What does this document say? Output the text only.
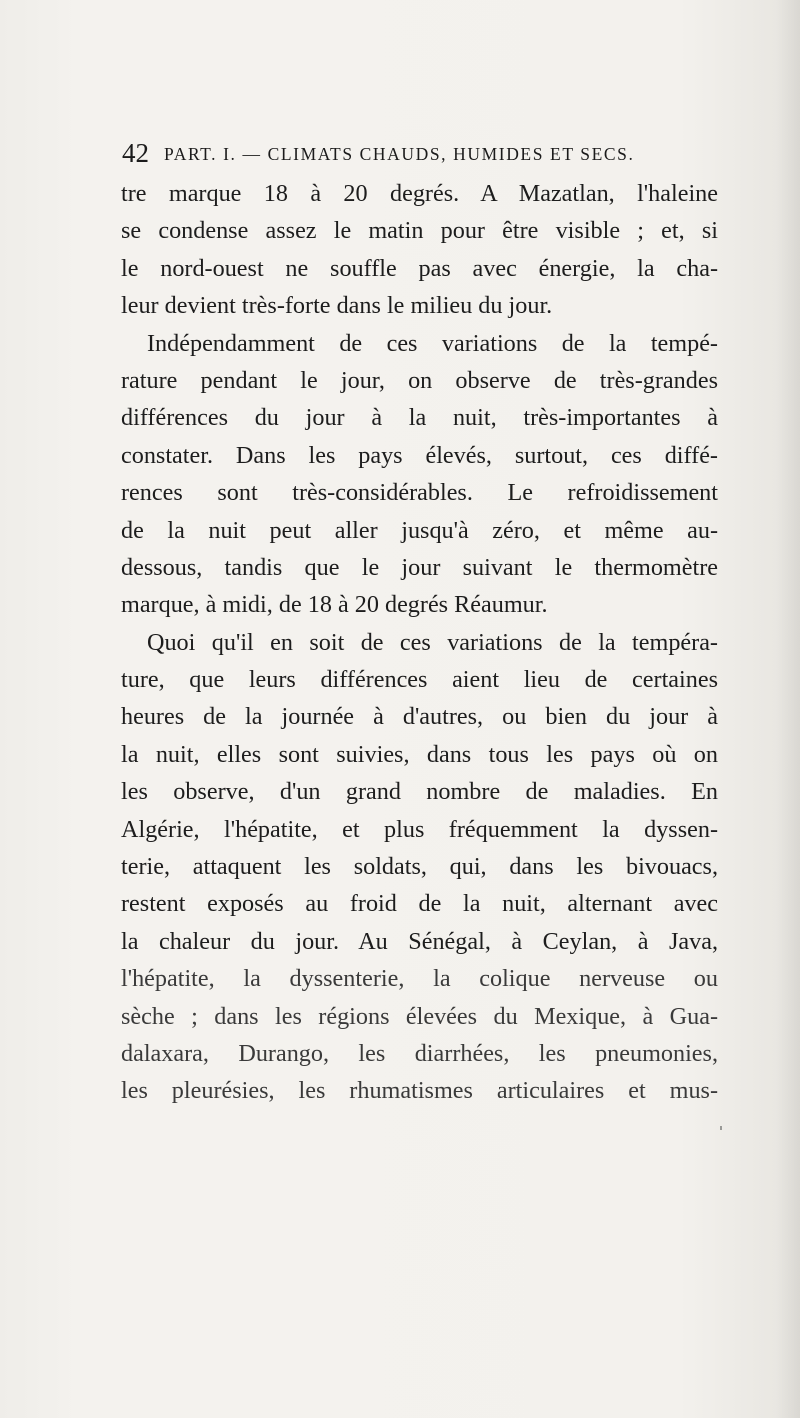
42 PART. I. — CLIMATS CHAUDS, HUMIDES ET SECS.
tre marque 18 à 20 degrés. A Mazatlan, l'haleine
se condense assez le matin pour être visible ; et, si
le nord-ouest ne souffle pas avec énergie, la cha-
leur devient très-forte dans le milieu du jour.
Indépendamment de ces variations de la tempé-
rature pendant le jour, on observe de très-grandes
différences du jour à la nuit, très-importantes à
constater. Dans les pays élevés, surtout, ces diffé-
rences sont très-considérables. Le refroidissement
de la nuit peut aller jusqu'à zéro, et même au-
dessous, tandis que le jour suivant le thermomètre
marque, à midi, de 18 à 20 degrés Réaumur.
Quoi qu'il en soit de ces variations de la tempéra-
ture, que leurs différences aient lieu de certaines
heures de la journée à d'autres, ou bien du jour à
la nuit, elles sont suivies, dans tous les pays où on
les observe, d'un grand nombre de maladies. En
Algérie, l'hépatite, et plus fréquemment la dyssen-
terie, attaquent les soldats, qui, dans les bivouacs,
restent exposés au froid de la nuit, alternant avec
la chaleur du jour. Au Sénégal, à Ceylan, à Java,
l'hépatite, la dyssenterie, la colique nerveuse ou
sèche ; dans les régions élevées du Mexique, à Gua-
dalaxara, Durango, les diarrhées, les pneumonies,
les pleurésies, les rhumatismes articulaires et mus-
